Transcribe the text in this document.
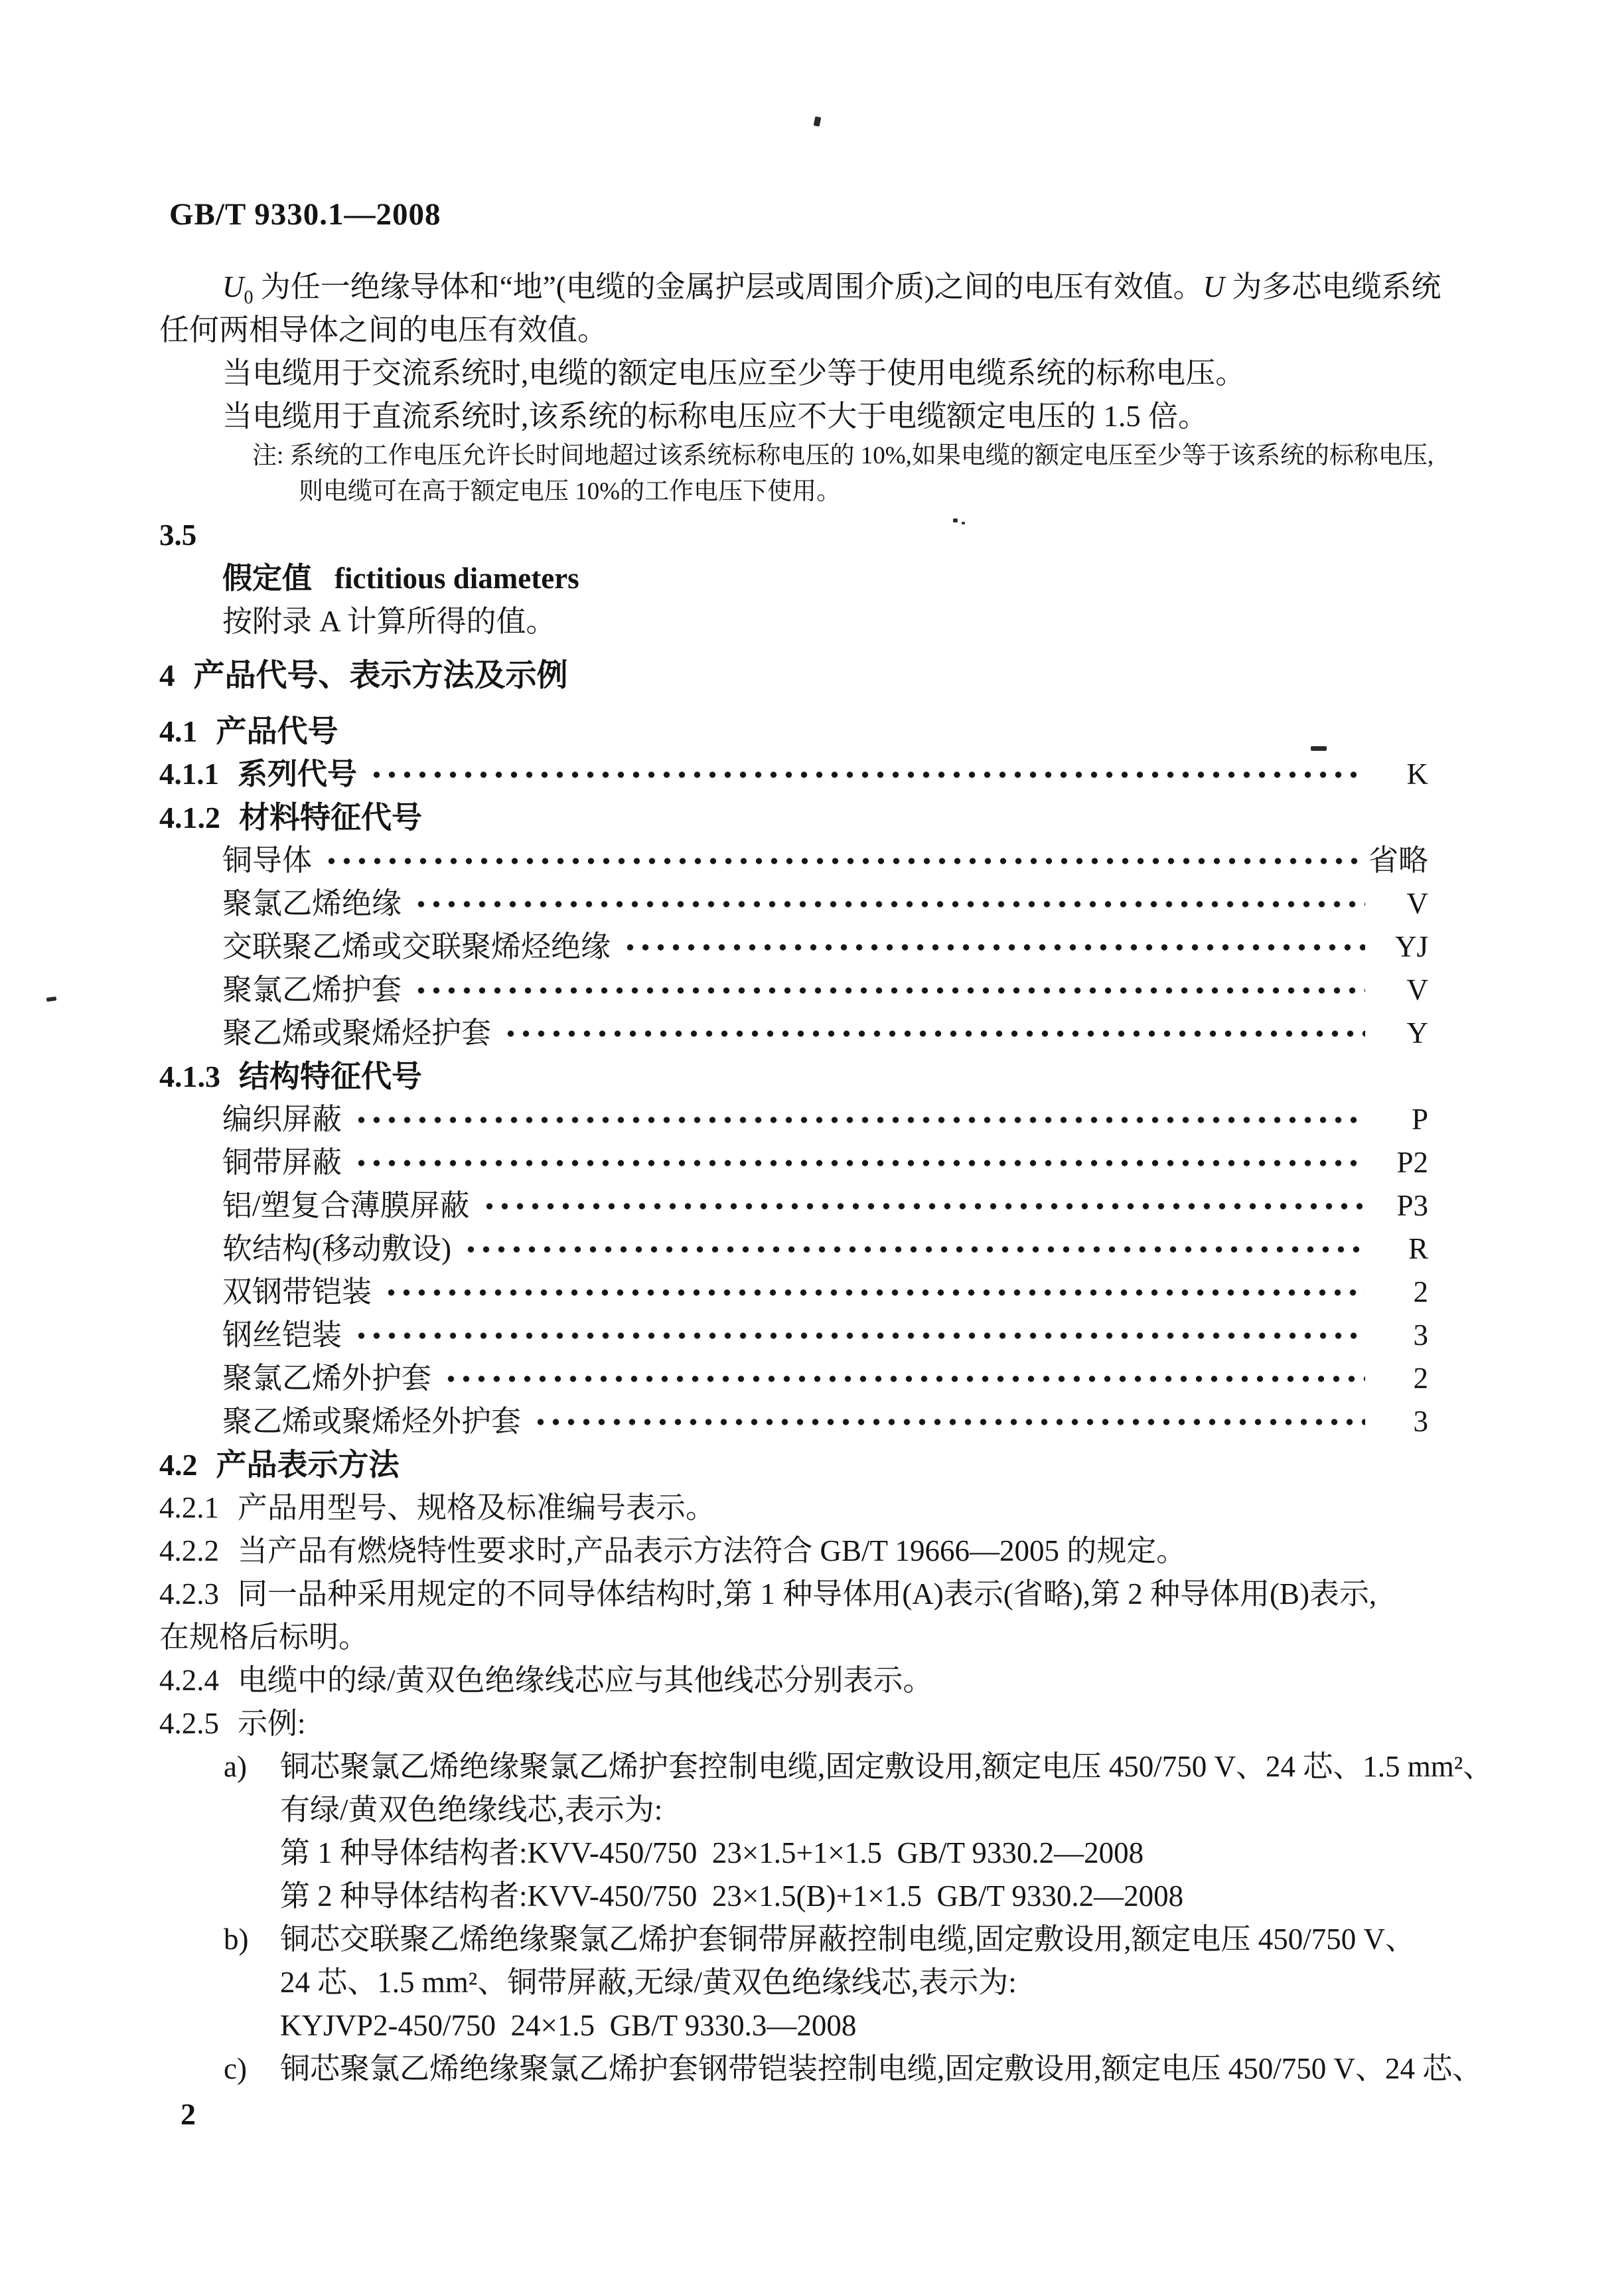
GB/T 9330.1—2008
$U_0$ 为任一绝缘导体和“地”(电缆的金属护层或周围介质)之间的电压有效值。U 为多芯电缆系统
任何两相导体之间的电压有效值。
当电缆用于交流系统时,电缆的额定电压应至少等于使用电缆系统的标称电压。
当电缆用于直流系统时,该系统的标称电压应不大于电缆额定电压的 1.5 倍。
注: 系统的工作电压允许长时间地超过该系统标称电压的 10%,如果电缆的额定电压至少等于该系统的标称电压,
则电缆可在高于额定电压 10%的工作电压下使用。
3.5
假定值 fictitious diameters
按附录 A 计算所得的值。
4 产品代号、表示方法及示例
4.1 产品代号
4.1.1 系列代号	K
4.1.2 材料特征代号
铜导体	省略
聚氯乙烯绝缘	V
交联聚乙烯或交联聚烯烃绝缘	YJ
聚氯乙烯护套	V
聚乙烯或聚烯烃护套	Y
4.1.3 结构特征代号
编织屏蔽	P
铜带屏蔽	P2
铝/塑复合薄膜屏蔽	P3
软结构(移动敷设)	R
双钢带铠装	2
钢丝铠装	3
聚氯乙烯外护套	2
聚乙烯或聚烯烃外护套	3
4.2 产品表示方法
4.2.1 产品用型号、规格及标准编号表示。
4.2.2 当产品有燃烧特性要求时,产品表示方法符合 GB/T 19666—2005 的规定。
4.2.3 同一品种采用规定的不同导体结构时,第 1 种导体用(A)表示(省略),第 2 种导体用(B)表示,
在规格后标明。
4.2.4 电缆中的绿/黄双色绝缘线芯应与其他线芯分别表示。
4.2.5 示例:
a) 铜芯聚氯乙烯绝缘聚氯乙烯护套控制电缆,固定敷设用,额定电压 450/750 V、24 芯、1.5 mm²、
有绿/黄双色绝缘线芯,表示为:
第 1 种导体结构者:KVV-450/750  23×1.5+1×1.5  GB/T 9330.2—2008
第 2 种导体结构者:KVV-450/750  23×1.5(B)+1×1.5  GB/T 9330.2—2008
b) 铜芯交联聚乙烯绝缘聚氯乙烯护套铜带屏蔽控制电缆,固定敷设用,额定电压 450/750 V、
24 芯、1.5 mm²、铜带屏蔽,无绿/黄双色绝缘线芯,表示为:
KYJVP2-450/750  24×1.5  GB/T 9330.3—2008
c) 铜芯聚氯乙烯绝缘聚氯乙烯护套钢带铠装控制电缆,固定敷设用,额定电压 450/750 V、24 芯、
2
